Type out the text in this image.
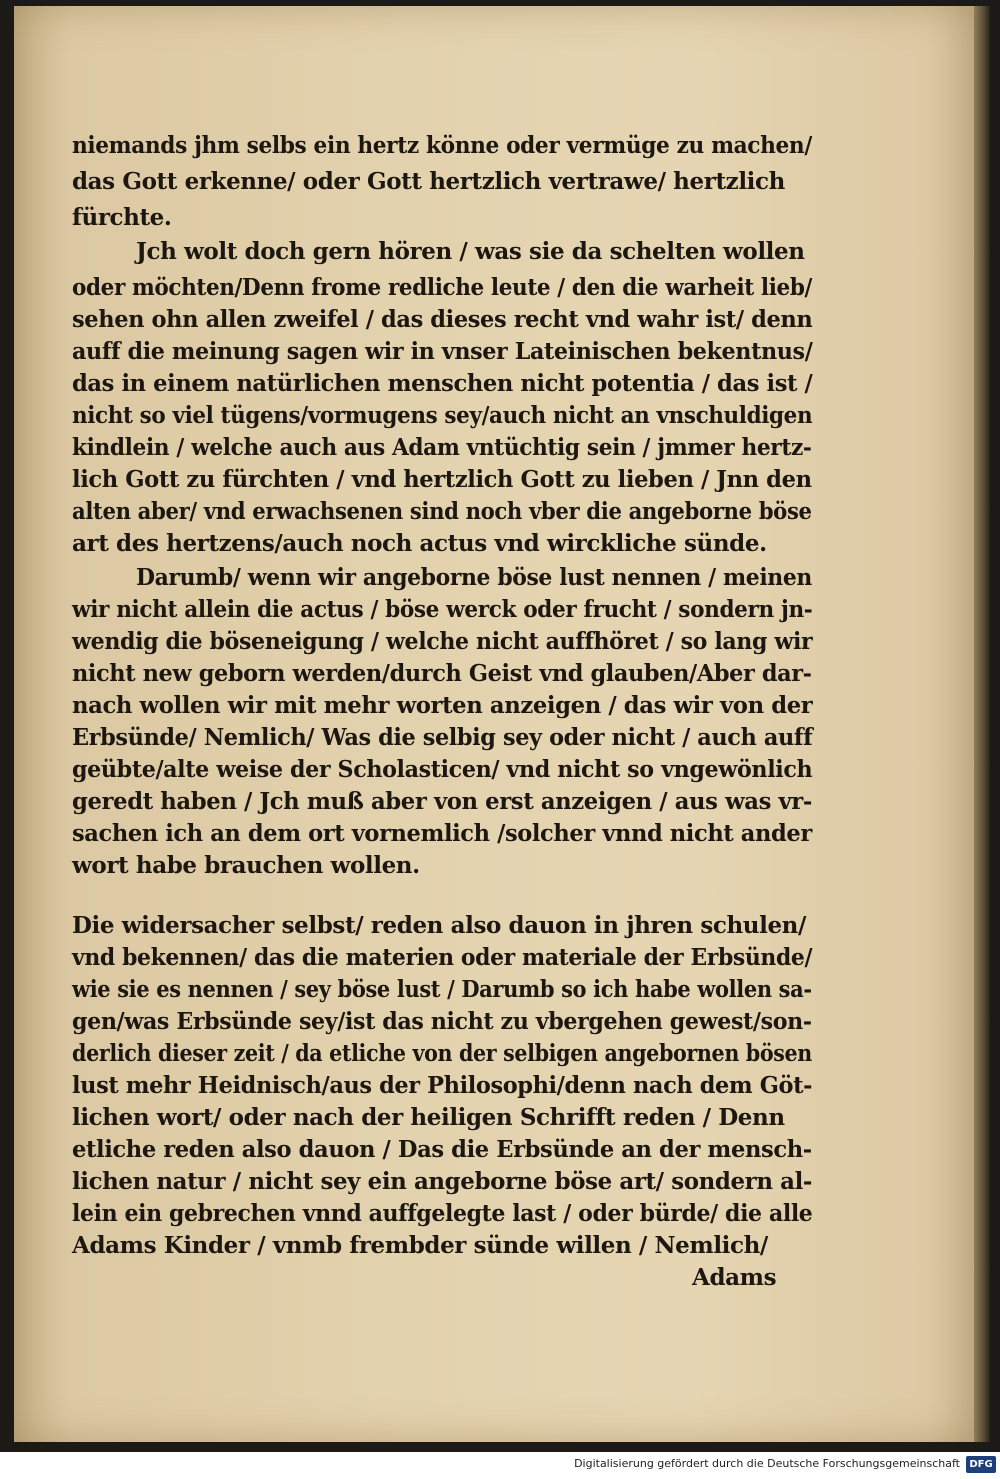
niemands jhm selbs ein hertz könne oder vermüge zu machen/
das Gott erkenne/ oder Gott hertzlich vertrawe/ hertzlich
fürchte.
Jch wolt doch gern hören / was sie da schelten wollen
oder möchten/Denn frome redliche leute / den die warheit lieb/
sehen ohn allen zweifel / das dieses recht vnd wahr ist/ denn
auff die meinung sagen wir in vnser Lateinischen bekentnus/
das in einem natürlichen menschen nicht potentia / das ist /
nicht so viel tügens/vormugens sey/auch nicht an vnschuldigen
kindlein / welche auch aus Adam vntüchtig sein / jmmer hertz-
lich Gott zu fürchten / vnd hertzlich Gott zu lieben / Jnn den
alten aber/ vnd erwachsenen sind noch vber die angeborne böse
art des hertzens/auch noch actus vnd wirckliche sünde.
Darumb/ wenn wir angeborne böse lust nennen / meinen
wir nicht allein die actus / böse werck oder frucht / sondern jn-
wendig die böseneigung / welche nicht auffhöret / so lang wir
nicht new geborn werden/durch Geist vnd glauben/Aber dar-
nach wollen wir mit mehr worten anzeigen / das wir von der
Erbsünde/ Nemlich/ Was die selbig sey oder nicht / auch auff
geübte/alte weise der Scholasticen/ vnd nicht so vngewönlich
geredt haben / Jch muß aber von erst anzeigen / aus was vr-
sachen ich an dem ort vornemlich /solcher vnnd nicht ander
wort habe brauchen wollen.
Die widersacher selbst/ reden also dauon in jhren schulen/
vnd bekennen/ das die materien oder materiale der Erbsünde/
wie sie es nennen / sey böse lust / Darumb so ich habe wollen sa-
gen/was Erbsünde sey/ist das nicht zu vbergehen gewest/son-
derlich dieser zeit / da etliche von der selbigen angebornen bösen
lust mehr Heidnisch/aus der Philosophi/denn nach dem Göt-
lichen wort/ oder nach der heiligen Schrifft reden / Denn
etliche reden also dauon / Das die Erbsünde an der mensch-
lichen natur / nicht sey ein angeborne böse art/ sondern al-
lein ein gebrechen vnnd auffgelegte last / oder bürde/ die alle
Adams Kinder / vnmb frembder sünde willen / Nemlich/
Adams
Digitalisierung gefördert durch die Deutsche Forschungsgemeinschaft DFG
